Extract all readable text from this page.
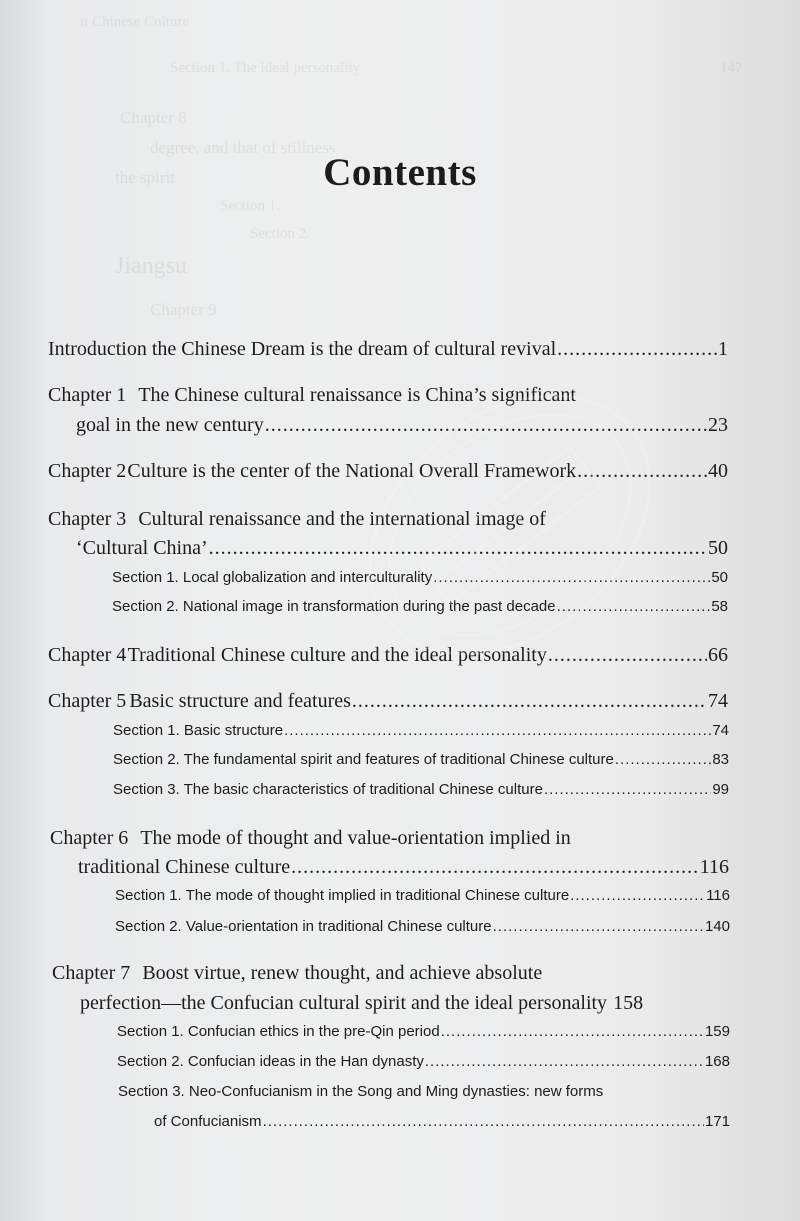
ıı Chinese Culture
Section 1. The ideal personality	147
Chapter 8
degree, and that of stillness
the spirit
Section 1.
Section 2.
Jiangsu
Chapter 9
Contents
Introduction the Chinese Dream is the dream of cultural revival .....	1
Chapter 1 The Chinese cultural renaissance is China’s significant
goal in the new century .....	23
Chapter 2 Culture is the center of the National Overall Framework .....	40
Chapter 3 Cultural renaissance and the international image of
‘Cultural China’ .....	50
Section 1. Local globalization and interculturality .....	50
Section 2. National image in transformation during the past decade .....	58
Chapter 4 Traditional Chinese culture and the ideal personality .....	66
Chapter 5 Basic structure and features .....	74
Section 1. Basic structure .....	74
Section 2. The fundamental spirit and features of traditional Chinese culture .....	83
Section 3. The basic characteristics of traditional Chinese culture .....	99
Chapter 6 The mode of thought and value-orientation implied in
traditional Chinese culture .....	116
Section 1. The mode of thought implied in traditional Chinese culture .....	116
Section 2. Value-orientation in traditional Chinese culture .....	140
Chapter 7 Boost virtue, renew thought, and achieve absolute
perfection—the Confucian cultural spirit and the ideal personality 158
Section 1. Confucian ethics in the pre-Qin period .....	159
Section 2. Confucian ideas in the Han dynasty .....	168
Section 3. Neo-Confucianism in the Song and Ming dynasties: new forms
of Confucianism .....	171
